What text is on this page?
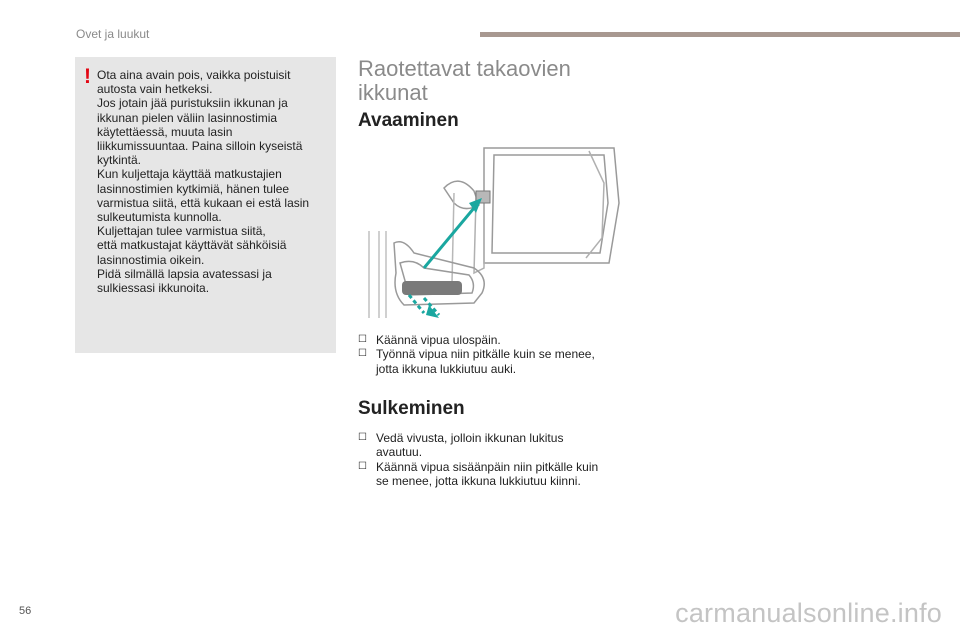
Ovet ja luukut
Ota aina avain pois, vaikka poistuisit
autosta vain hetkeksi.
Jos jotain jää puristuksiin ikkunan ja
ikkunan pielen väliin lasinnostimia
käytettäessä, muuta lasin
liikkumissuuntaa. Paina silloin kyseistä
kytkintä.
Kun kuljettaja käyttää matkustajien
lasinnostimien kytkimiä, hänen tulee
varmistua siitä, että kukaan ei estä lasin
sulkeutumista kunnolla.
Kuljettajan tulee varmistua siitä,
että matkustajat käyttävät sähköisiä
lasinnostimia oikein.
Pidä silmällä lapsia avatessasi ja
sulkiessasi ikkunoita.
!	Raotettavat takaovien
ikkunat
Avaaminen
☐ Käännä vipua ulospäin.
☐ Työnnä vipua niin pitkälle kuin se menee,
jotta ikkuna lukkiutuu auki.
Sulkeminen
☐ Vedä vivusta, jolloin ikkunan lukitus
avautuu.
☐ Käännä vipua sisäänpäin niin pitkälle kuin
se menee, jotta ikkuna lukkiutuu kiinni.
56	carmanualsonline.info
